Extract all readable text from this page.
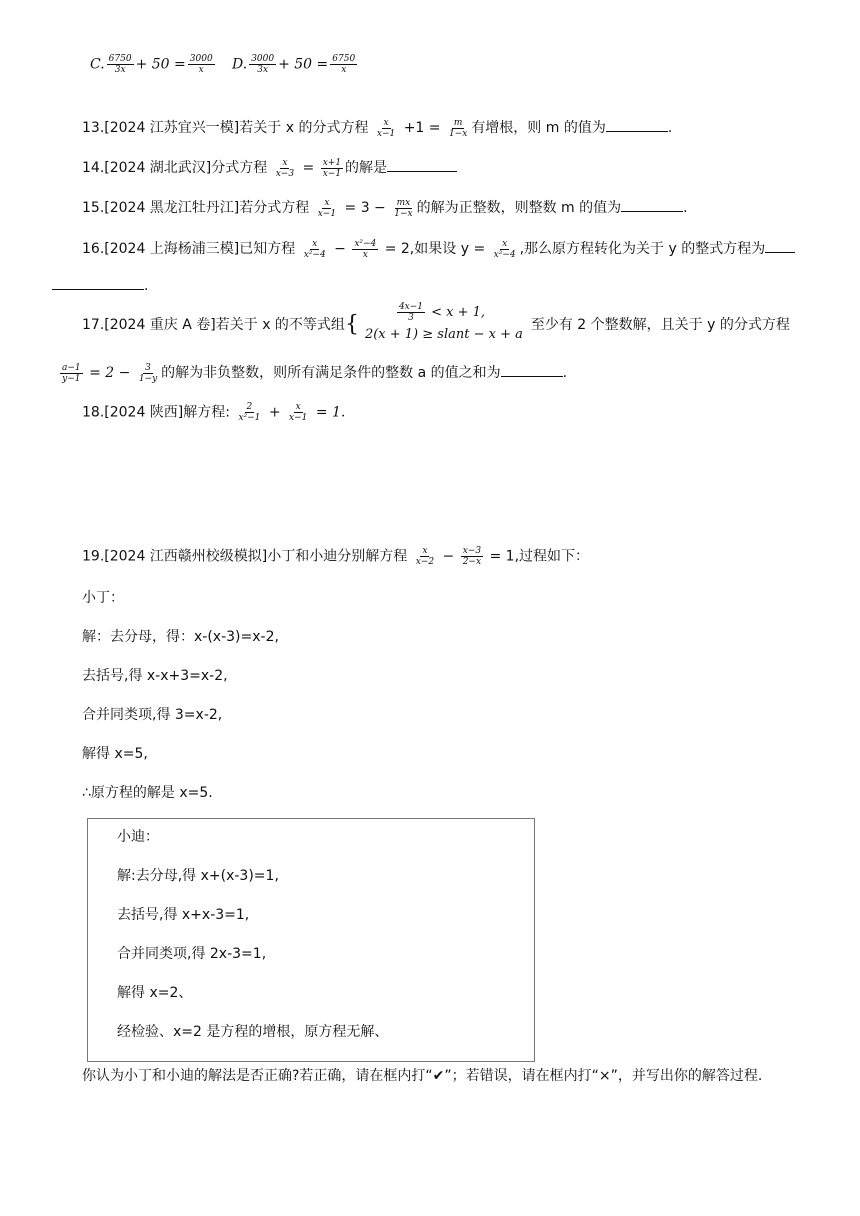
C. $\frac{6750}{3x} + 50 = \frac{3000}{x} D$. $\frac{3000}{3x} + 50 = \frac{6750}{x}$
13.[2024 江苏宜兴一模]若关于 x 的分式方程 $\frac{x}{x-1} +1 = \frac{m}{1-x}$ 有增根，则 m 的值为	.
14.[2024 湖北武汉]分式方程 $\frac{x}{x-3} = \frac{x+1}{x-1}$ 的解是
15.[2024 黑龙江牡丹江]若分式方程 $\frac{x}{x-1} = 3 - \frac{mx}{1-x}$ 的解为正整数，则整数 m 的值为	.
16.[2024 上海杨浦三模]已知方程 $\frac{x}{\text{x²−4}} - \frac{\text{x²−4}}{x} = 2$,如果设 $y = \frac{x}{\text{x²−4}}$ ,那么原方程转化为关于 y 的整式方程为
.
17.[2024 重庆 A 卷]若关于 x 的不等式组 {	$\frac{4x-1}{3} < x + 1$,
2(x + 1) ≥ slant − x + a
至少有 2 个整数解，且关于 y 的分式方程
$\frac{a-1}{y-1} = 2 - \frac{3}{1-y}$ 的解为非负整数，则所有满足条件的整数 a 的值之和为	.
18.[2024 陕西]解方程: $\frac{2}{\text{x²−1}} + \frac{x}{x-1} = 1$.
19.[2024 江西赣州校级模拟]小丁和小迪分别解方程 $\frac{x}{x-2} - \frac{x-3}{2-x} = 1$,过程如下：
小丁：
解：去分母，得：x-(x-3)=x-2,
去括号,得 x-x+3=x-2,
合并同类项,得 3=x-2,
解得 x=5,
∴原方程的解是 x=5.
小迪：
解:去分母,得 x+(x-3)=1,
去括号,得 x+x-3=1,
合并同类项,得 2x-3=1,
解得 x=2、
经检验、x=2 是方程的增根，原方程无解、
你认为小丁和小迪的解法是否正确?若正确，请在框内打“✔”；若错误，请在框内打“×”，并写出你的解答过程.
